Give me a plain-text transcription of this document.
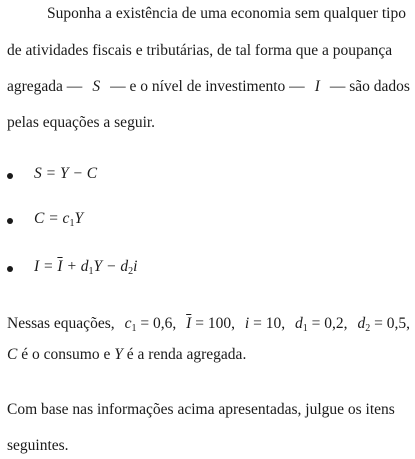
Suponha a existência de uma economia sem qualquer tipo
de atividades fiscais e tributárias, de tal forma que a poupança
agregada — S — e o nível de investimento — I — são dados
pelas equações a seguir.
S = Y − C
$C = c_1Y$
$I = \overline{I} + d_1Y - d_2i$
Nessas equações, $c_1 = 0,6$, $\overline{I} = 100$, i = 10, $d_1 = 0,2$, $d_2 = 0,5$,
C é o consumo e Y é a renda agregada.
Com base nas informações acima apresentadas, julgue os itens
seguintes.
